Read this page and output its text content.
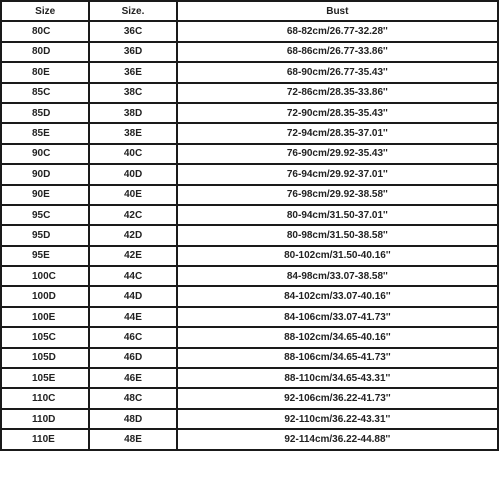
Size	Size.	Bust
80C	36C	68-82cm/26.77-32.28''
80D	36D	68-86cm/26.77-33.86''
80E	36E	68-90cm/26.77-35.43''
85C	38C	72-86cm/28.35-33.86''
85D	38D	72-90cm/28.35-35.43''
85E	38E	72-94cm/28.35-37.01''
90C	40C	76-90cm/29.92-35.43''
90D	40D	76-94cm/29.92-37.01''
90E	40E	76-98cm/29.92-38.58''
95C	42C	80-94cm/31.50-37.01''
95D	42D	80-98cm/31.50-38.58''
95E	42E	80-102cm/31.50-40.16''
100C	44C	84-98cm/33.07-38.58''
100D	44D	84-102cm/33.07-40.16''
100E	44E	84-106cm/33.07-41.73''
105C	46C	88-102cm/34.65-40.16''
105D	46D	88-106cm/34.65-41.73''
105E	46E	88-110cm/34.65-43.31''
110C	48C	92-106cm/36.22-41.73''
110D	48D	92-110cm/36.22-43.31''
110E	48E	92-114cm/36.22-44.88''
